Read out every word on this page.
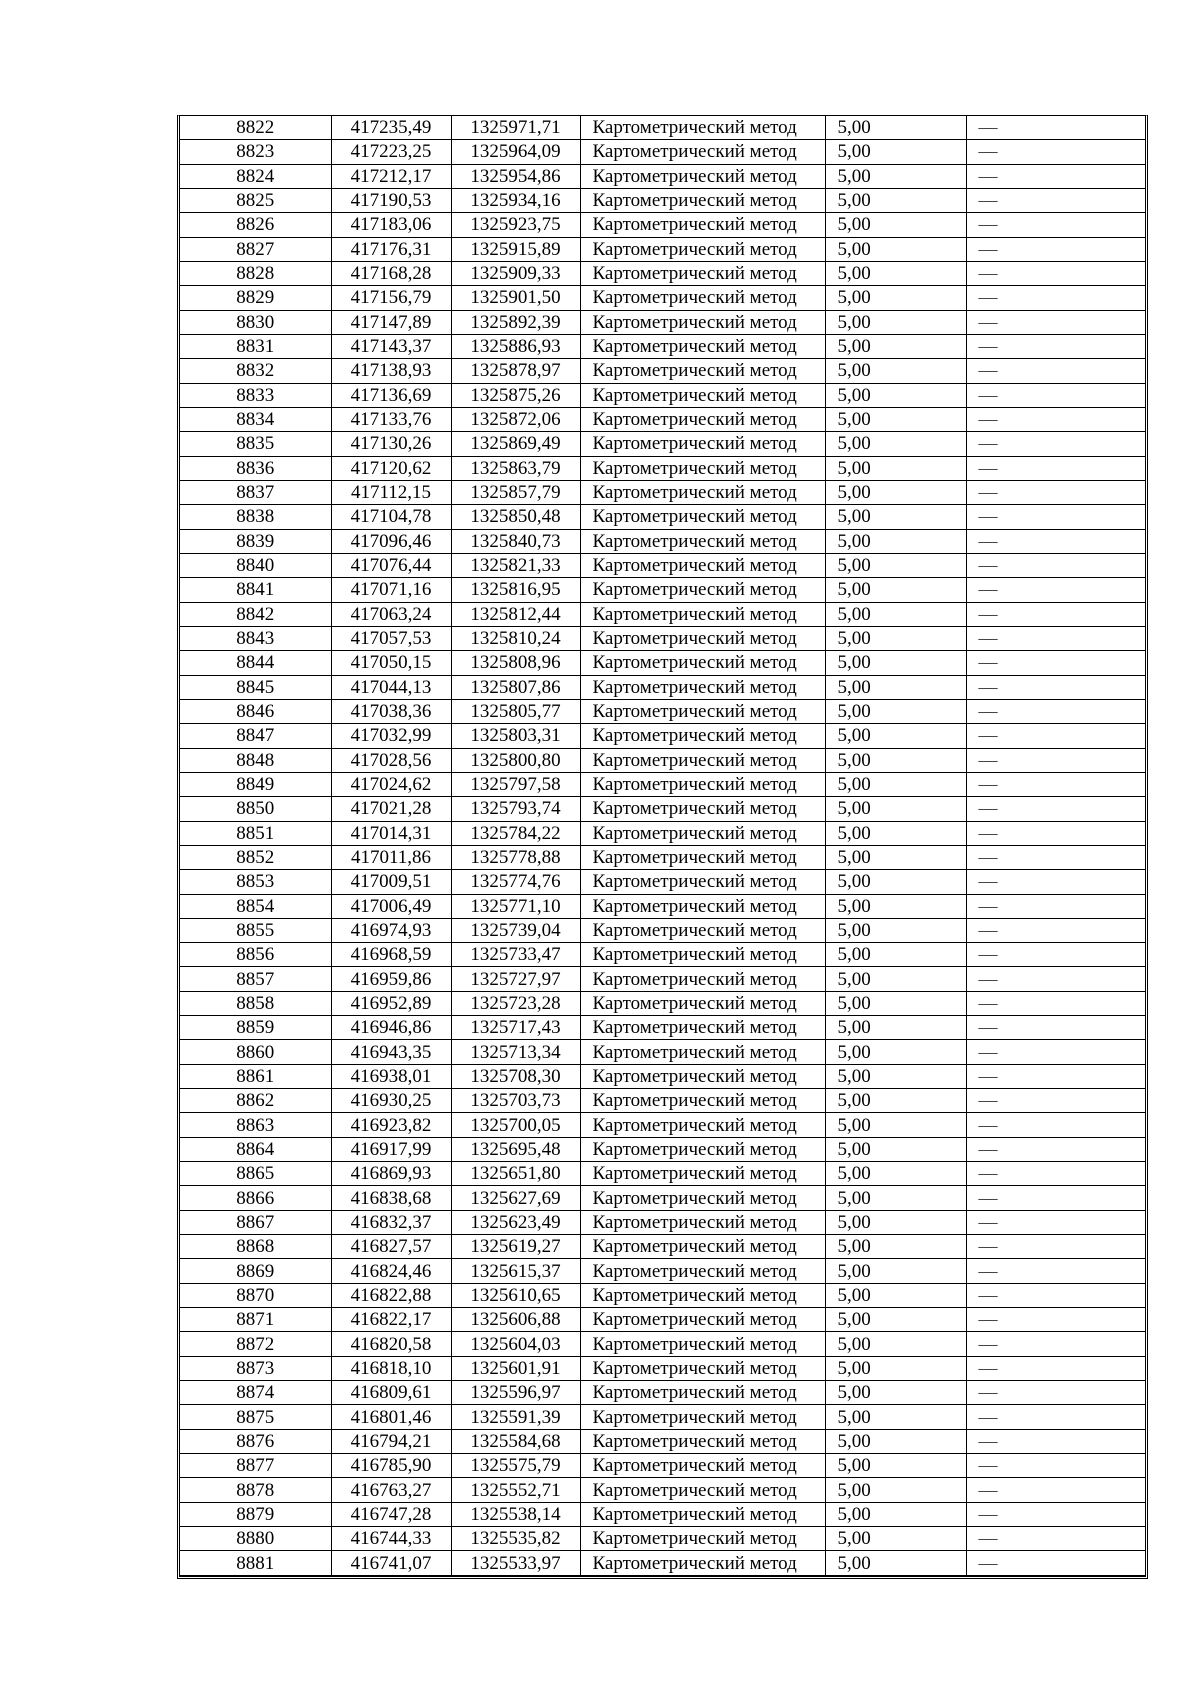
8822	417235,49	1325971,71	Картометрический метод	5,00	—
8823	417223,25	1325964,09	Картометрический метод	5,00	—
8824	417212,17	1325954,86	Картометрический метод	5,00	—
8825	417190,53	1325934,16	Картометрический метод	5,00	—
8826	417183,06	1325923,75	Картометрический метод	5,00	—
8827	417176,31	1325915,89	Картометрический метод	5,00	—
8828	417168,28	1325909,33	Картометрический метод	5,00	—
8829	417156,79	1325901,50	Картометрический метод	5,00	—
8830	417147,89	1325892,39	Картометрический метод	5,00	—
8831	417143,37	1325886,93	Картометрический метод	5,00	—
8832	417138,93	1325878,97	Картометрический метод	5,00	—
8833	417136,69	1325875,26	Картометрический метод	5,00	—
8834	417133,76	1325872,06	Картометрический метод	5,00	—
8835	417130,26	1325869,49	Картометрический метод	5,00	—
8836	417120,62	1325863,79	Картометрический метод	5,00	—
8837	417112,15	1325857,79	Картометрический метод	5,00	—
8838	417104,78	1325850,48	Картометрический метод	5,00	—
8839	417096,46	1325840,73	Картометрический метод	5,00	—
8840	417076,44	1325821,33	Картометрический метод	5,00	—
8841	417071,16	1325816,95	Картометрический метод	5,00	—
8842	417063,24	1325812,44	Картометрический метод	5,00	—
8843	417057,53	1325810,24	Картометрический метод	5,00	—
8844	417050,15	1325808,96	Картометрический метод	5,00	—
8845	417044,13	1325807,86	Картометрический метод	5,00	—
8846	417038,36	1325805,77	Картометрический метод	5,00	—
8847	417032,99	1325803,31	Картометрический метод	5,00	—
8848	417028,56	1325800,80	Картометрический метод	5,00	—
8849	417024,62	1325797,58	Картометрический метод	5,00	—
8850	417021,28	1325793,74	Картометрический метод	5,00	—
8851	417014,31	1325784,22	Картометрический метод	5,00	—
8852	417011,86	1325778,88	Картометрический метод	5,00	—
8853	417009,51	1325774,76	Картометрический метод	5,00	—
8854	417006,49	1325771,10	Картометрический метод	5,00	—
8855	416974,93	1325739,04	Картометрический метод	5,00	—
8856	416968,59	1325733,47	Картометрический метод	5,00	—
8857	416959,86	1325727,97	Картометрический метод	5,00	—
8858	416952,89	1325723,28	Картометрический метод	5,00	—
8859	416946,86	1325717,43	Картометрический метод	5,00	—
8860	416943,35	1325713,34	Картометрический метод	5,00	—
8861	416938,01	1325708,30	Картометрический метод	5,00	—
8862	416930,25	1325703,73	Картометрический метод	5,00	—
8863	416923,82	1325700,05	Картометрический метод	5,00	—
8864	416917,99	1325695,48	Картометрический метод	5,00	—
8865	416869,93	1325651,80	Картометрический метод	5,00	—
8866	416838,68	1325627,69	Картометрический метод	5,00	—
8867	416832,37	1325623,49	Картометрический метод	5,00	—
8868	416827,57	1325619,27	Картометрический метод	5,00	—
8869	416824,46	1325615,37	Картометрический метод	5,00	—
8870	416822,88	1325610,65	Картометрический метод	5,00	—
8871	416822,17	1325606,88	Картометрический метод	5,00	—
8872	416820,58	1325604,03	Картометрический метод	5,00	—
8873	416818,10	1325601,91	Картометрический метод	5,00	—
8874	416809,61	1325596,97	Картометрический метод	5,00	—
8875	416801,46	1325591,39	Картометрический метод	5,00	—
8876	416794,21	1325584,68	Картометрический метод	5,00	—
8877	416785,90	1325575,79	Картометрический метод	5,00	—
8878	416763,27	1325552,71	Картометрический метод	5,00	—
8879	416747,28	1325538,14	Картометрический метод	5,00	—
8880	416744,33	1325535,82	Картометрический метод	5,00	—
8881	416741,07	1325533,97	Картометрический метод	5,00	—
